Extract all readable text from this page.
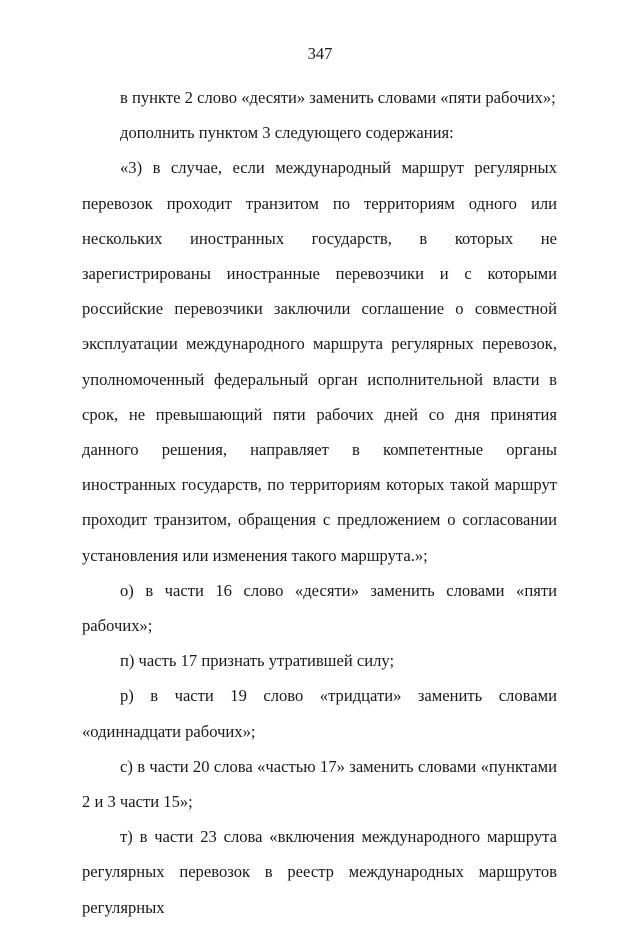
347

в пункте 2 слово «десяти» заменить словами «пяти рабочих»;

дополнить пунктом 3 следующего содержания:

«3) в случае, если международный маршрут регулярных перевозок проходит транзитом по территориям одного или нескольких иностранных государств, в которых не зарегистрированы иностранные перевозчики и с которыми российские перевозчики заключили соглашение о совместной эксплуатации международного маршрута регулярных перевозок, уполномоченный федеральный орган исполнительной власти в срок, не превышающий пяти рабочих дней со дня принятия данного решения, направляет в компетентные органы иностранных государств, по территориям которых такой маршрут проходит транзитом, обращения с предложением о согласовании установления или изменения такого маршрута.»;

о) в части 16 слово «десяти» заменить словами «пяти рабочих»;

п) часть 17 признать утратившей силу;

р) в части 19 слово «тридцати» заменить словами «одиннадцати рабочих»;

с) в части 20 слова «частью 17» заменить словами «пунктами 2 и 3 части 15»;

т) в части 23 слова «включения международного маршрута регулярных перевозок в реестр международных маршрутов регулярных
